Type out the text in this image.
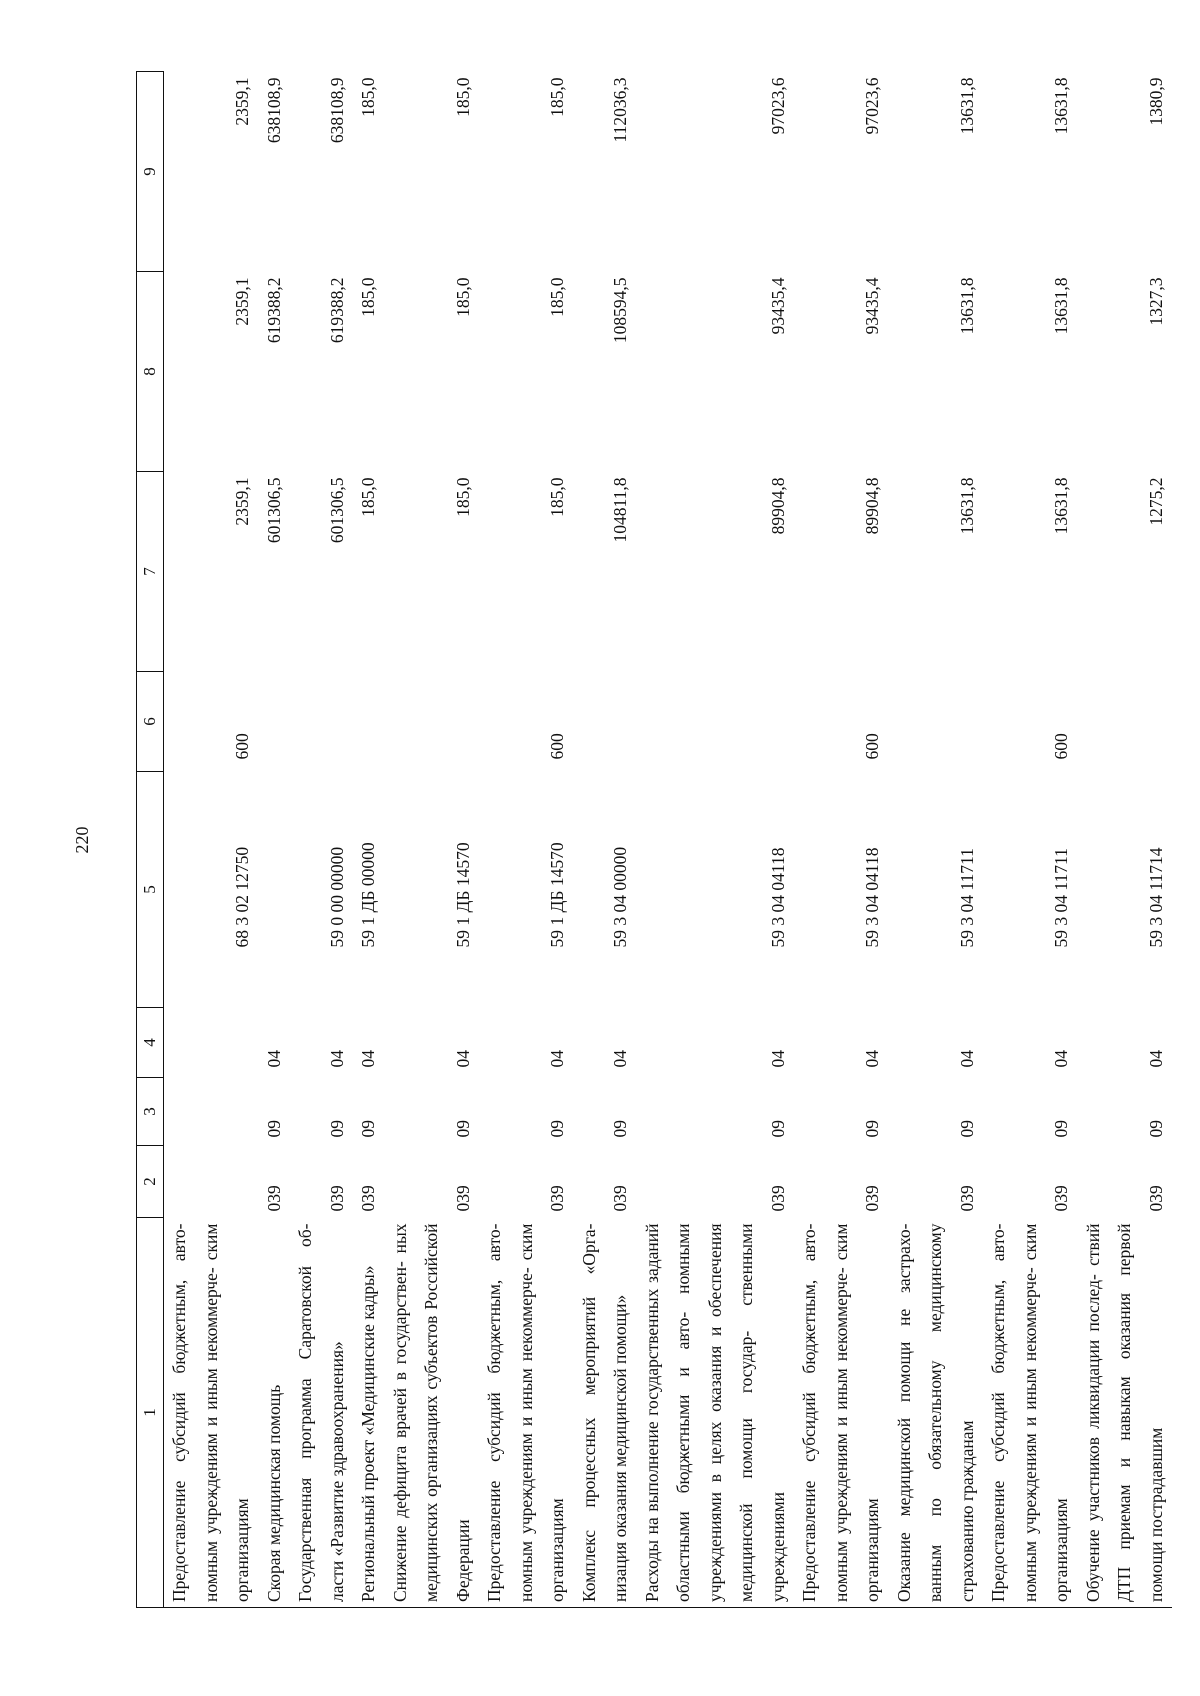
220
1	2	3	4	5	6	7	8	9
Предоставление субсидий бюджетным, авто- номным учреждениям и иным некоммерче- ским организациям				68 3 02 12750	600	2359,1	2359,1	2359,1
Скорая медицинская помощь	039	09	04			601306,5	619388,2	638108,9
Государственная программа Саратовской об- ласти «Развитие здравоохранения»	039	09	04	59 0 00 00000		601306,5	619388,2	638108,9
Региональный проект «Медицинские кадры»	039	09	04	59 1 ДБ 00000		185,0	185,0	185,0
Снижение дефицита врачей в государствен- ных медицинских организациях субъектов Российской Федерации	039	09	04	59 1 ДБ 14570		185,0	185,0	185,0
Предоставление субсидий бюджетным, авто- номным учреждениям и иным некоммерче- ским организациям	039	09	04	59 1 ДБ 14570	600	185,0	185,0	185,0
Комплекс процессных мероприятий «Орга- низация оказания медицинской помощи»	039	09	04	59 3 04 00000		104811,8	108594,5	112036,3
Расходы на выполнение государственных заданий областными бюджетными и авто- номными учреждениями в целях оказания и обеспечения медицинской помощи государ- ственными учреждениями	039	09	04	59 3 04 04118		89904,8	93435,4	97023,6
Предоставление субсидий бюджетным, авто- номным учреждениям и иным некоммерче- ским организациям	039	09	04	59 3 04 04118	600	89904,8	93435,4	97023,6
Оказание медицинской помощи не застрахо- ванным по обязательному медицинскому страхованию гражданам	039	09	04	59 3 04 11711		13631,8	13631,8	13631,8
Предоставление субсидий бюджетным, авто- номным учреждениям и иным некоммерче- ским организациям	039	09	04	59 3 04 11711	600	13631,8	13631,8	13631,8
Обучение участников ликвидации послед- ствий ДТП приемам и навыкам оказания первой помощи пострадавшим	039	09	04	59 3 04 11714		1275,2	1327,3	1380,9
